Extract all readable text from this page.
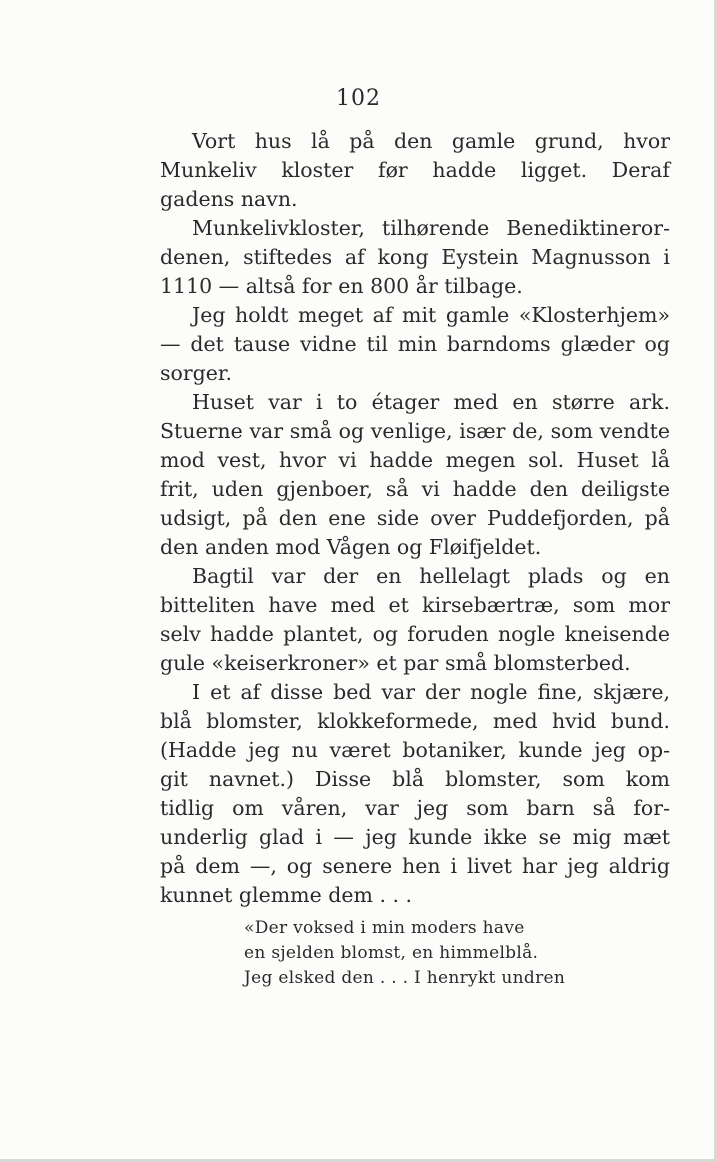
102
Vort hus lå på den gamle grund, hvor
Munkeliv kloster før hadde ligget. Deraf
gadens navn.
Munkelivkloster, tilhørende Benediktineror-
denen, stiftedes af kong Eystein Magnusson i
1110 — altså for en 800 år tilbage.
Jeg holdt meget af mit gamle «Klosterhjem»
— det tause vidne til min barndoms glæder og
sorger.
Huset var i to étager med en større ark.
Stuerne var små og venlige, især de, som vendte
mod vest, hvor vi hadde megen sol. Huset lå
frit, uden gjenboer, så vi hadde den deiligste
udsigt, på den ene side over Puddefjorden, på
den anden mod Vågen og Fløifjeldet.
Bagtil var der en hellelagt plads og en
bitteliten have med et kirsebærtræ, som mor
selv hadde plantet, og foruden nogle kneisende
gule «keiserkroner» et par små blomsterbed.
I et af disse bed var der nogle fine, skjære,
blå blomster, klokkeformede, med hvid bund.
(Hadde jeg nu været botaniker, kunde jeg op-
git navnet.) Disse blå blomster, som kom
tidlig om våren, var jeg som barn så for-
underlig glad i — jeg kunde ikke se mig mæt
på dem —, og senere hen i livet har jeg aldrig
kunnet glemme dem . . .
«Der voksed i min moders have
en sjelden blomst, en himmelblå.
Jeg elsked den . . . I henrykt undren
